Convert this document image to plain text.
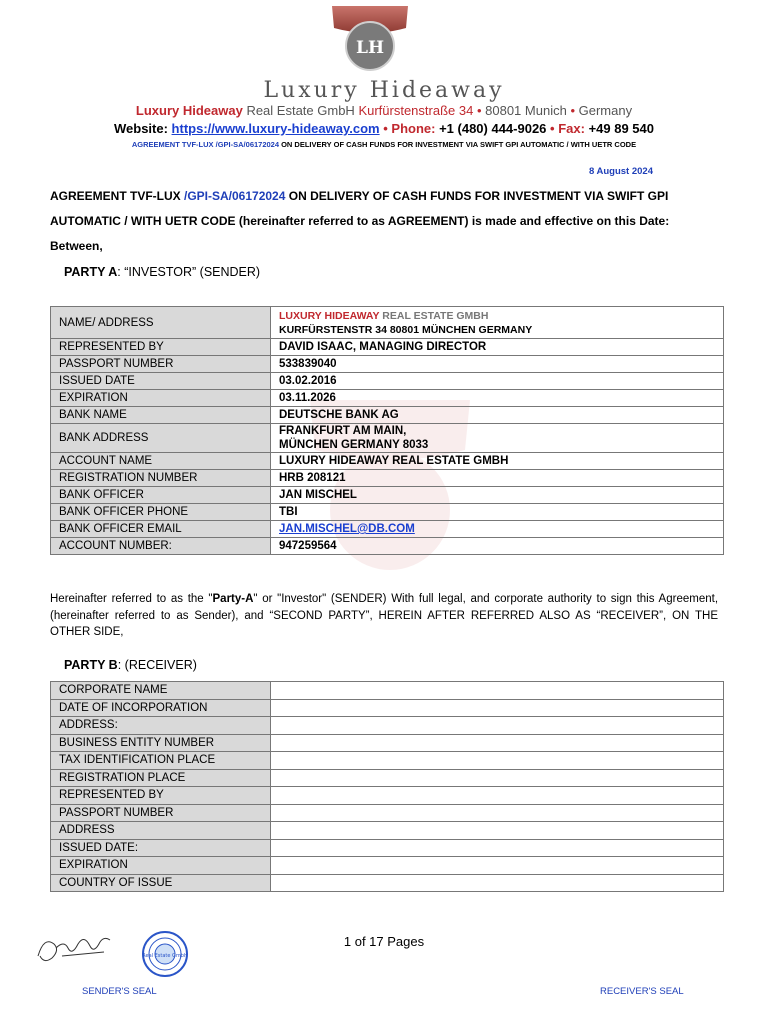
LH
Luxury Hideaway
Luxury Hideaway Real Estate GmbH Kurfürstenstraße 34 • 80801 Munich • Germany
Website: https://www.luxury-hideaway.com • Phone: +1 (480) 444-9026 • Fax: +49 89 540
AGREEMENT TVF-LUX /GPI-SA/06172024 ON DELIVERY OF CASH FUNDS FOR INVESTMENT VIA SWIFT GPI AUTOMATIC / WITH UETR CODE
8 August 2024
AGREEMENT TVF-LUX /GPI-SA/06172024 ON DELIVERY OF CASH FUNDS FOR INVESTMENT VIA SWIFT GPI AUTOMATIC / WITH UETR CODE (hereinafter referred to as AGREEMENT) is made and effective on this Date:
Between,
PARTY A: “INVESTOR” (SENDER)
NAME/ ADDRESS	LUXURY HIDEAWAY REAL ESTATE GMBH
KURFÜRSTENSTR 34 80801 MÜNCHEN GERMANY
REPRESENTED BY	DAVID ISAAC, MANAGING DIRECTOR
PASSPORT NUMBER	533839040
ISSUED DATE	03.02.2016
EXPIRATION	03.11.2026
BANK NAME	DEUTSCHE BANK AG
BANK ADDRESS	FRANKFURT AM MAIN,
MÜNCHEN GERMANY 8033
ACCOUNT NAME	LUXURY HIDEAWAY REAL ESTATE GMBH
REGISTRATION NUMBER	HRB 208121
BANK OFFICER	JAN MISCHEL
BANK OFFICER PHONE	TBI
BANK OFFICER EMAIL	JAN.MISCHEL@DB.COM
ACCOUNT NUMBER:	947259564
Hereinafter referred to as the "Party-A" or "Investor" (SENDER) With full legal, and corporate authority to sign this Agreement, (hereinafter referred to as Sender), and “SECOND PARTY”, HEREIN AFTER REFERRED ALSO AS “RECEIVER”, ON THE OTHER SIDE,
PARTY B: (RECEIVER)
CORPORATE NAME	
DATE OF INCORPORATION	
ADDRESS:	
BUSINESS ENTITY NUMBER	
TAX IDENTIFICATION PLACE	
REGISTRATION PLACE	
REPRESENTED BY	
PASSPORT NUMBER	
ADDRESS	
ISSUED DATE:	
EXPIRATION	
COUNTRY OF ISSUE	
Real Estate GmbH
1 of 17 Pages
SENDER'S SEAL	RECEIVER'S SEAL
